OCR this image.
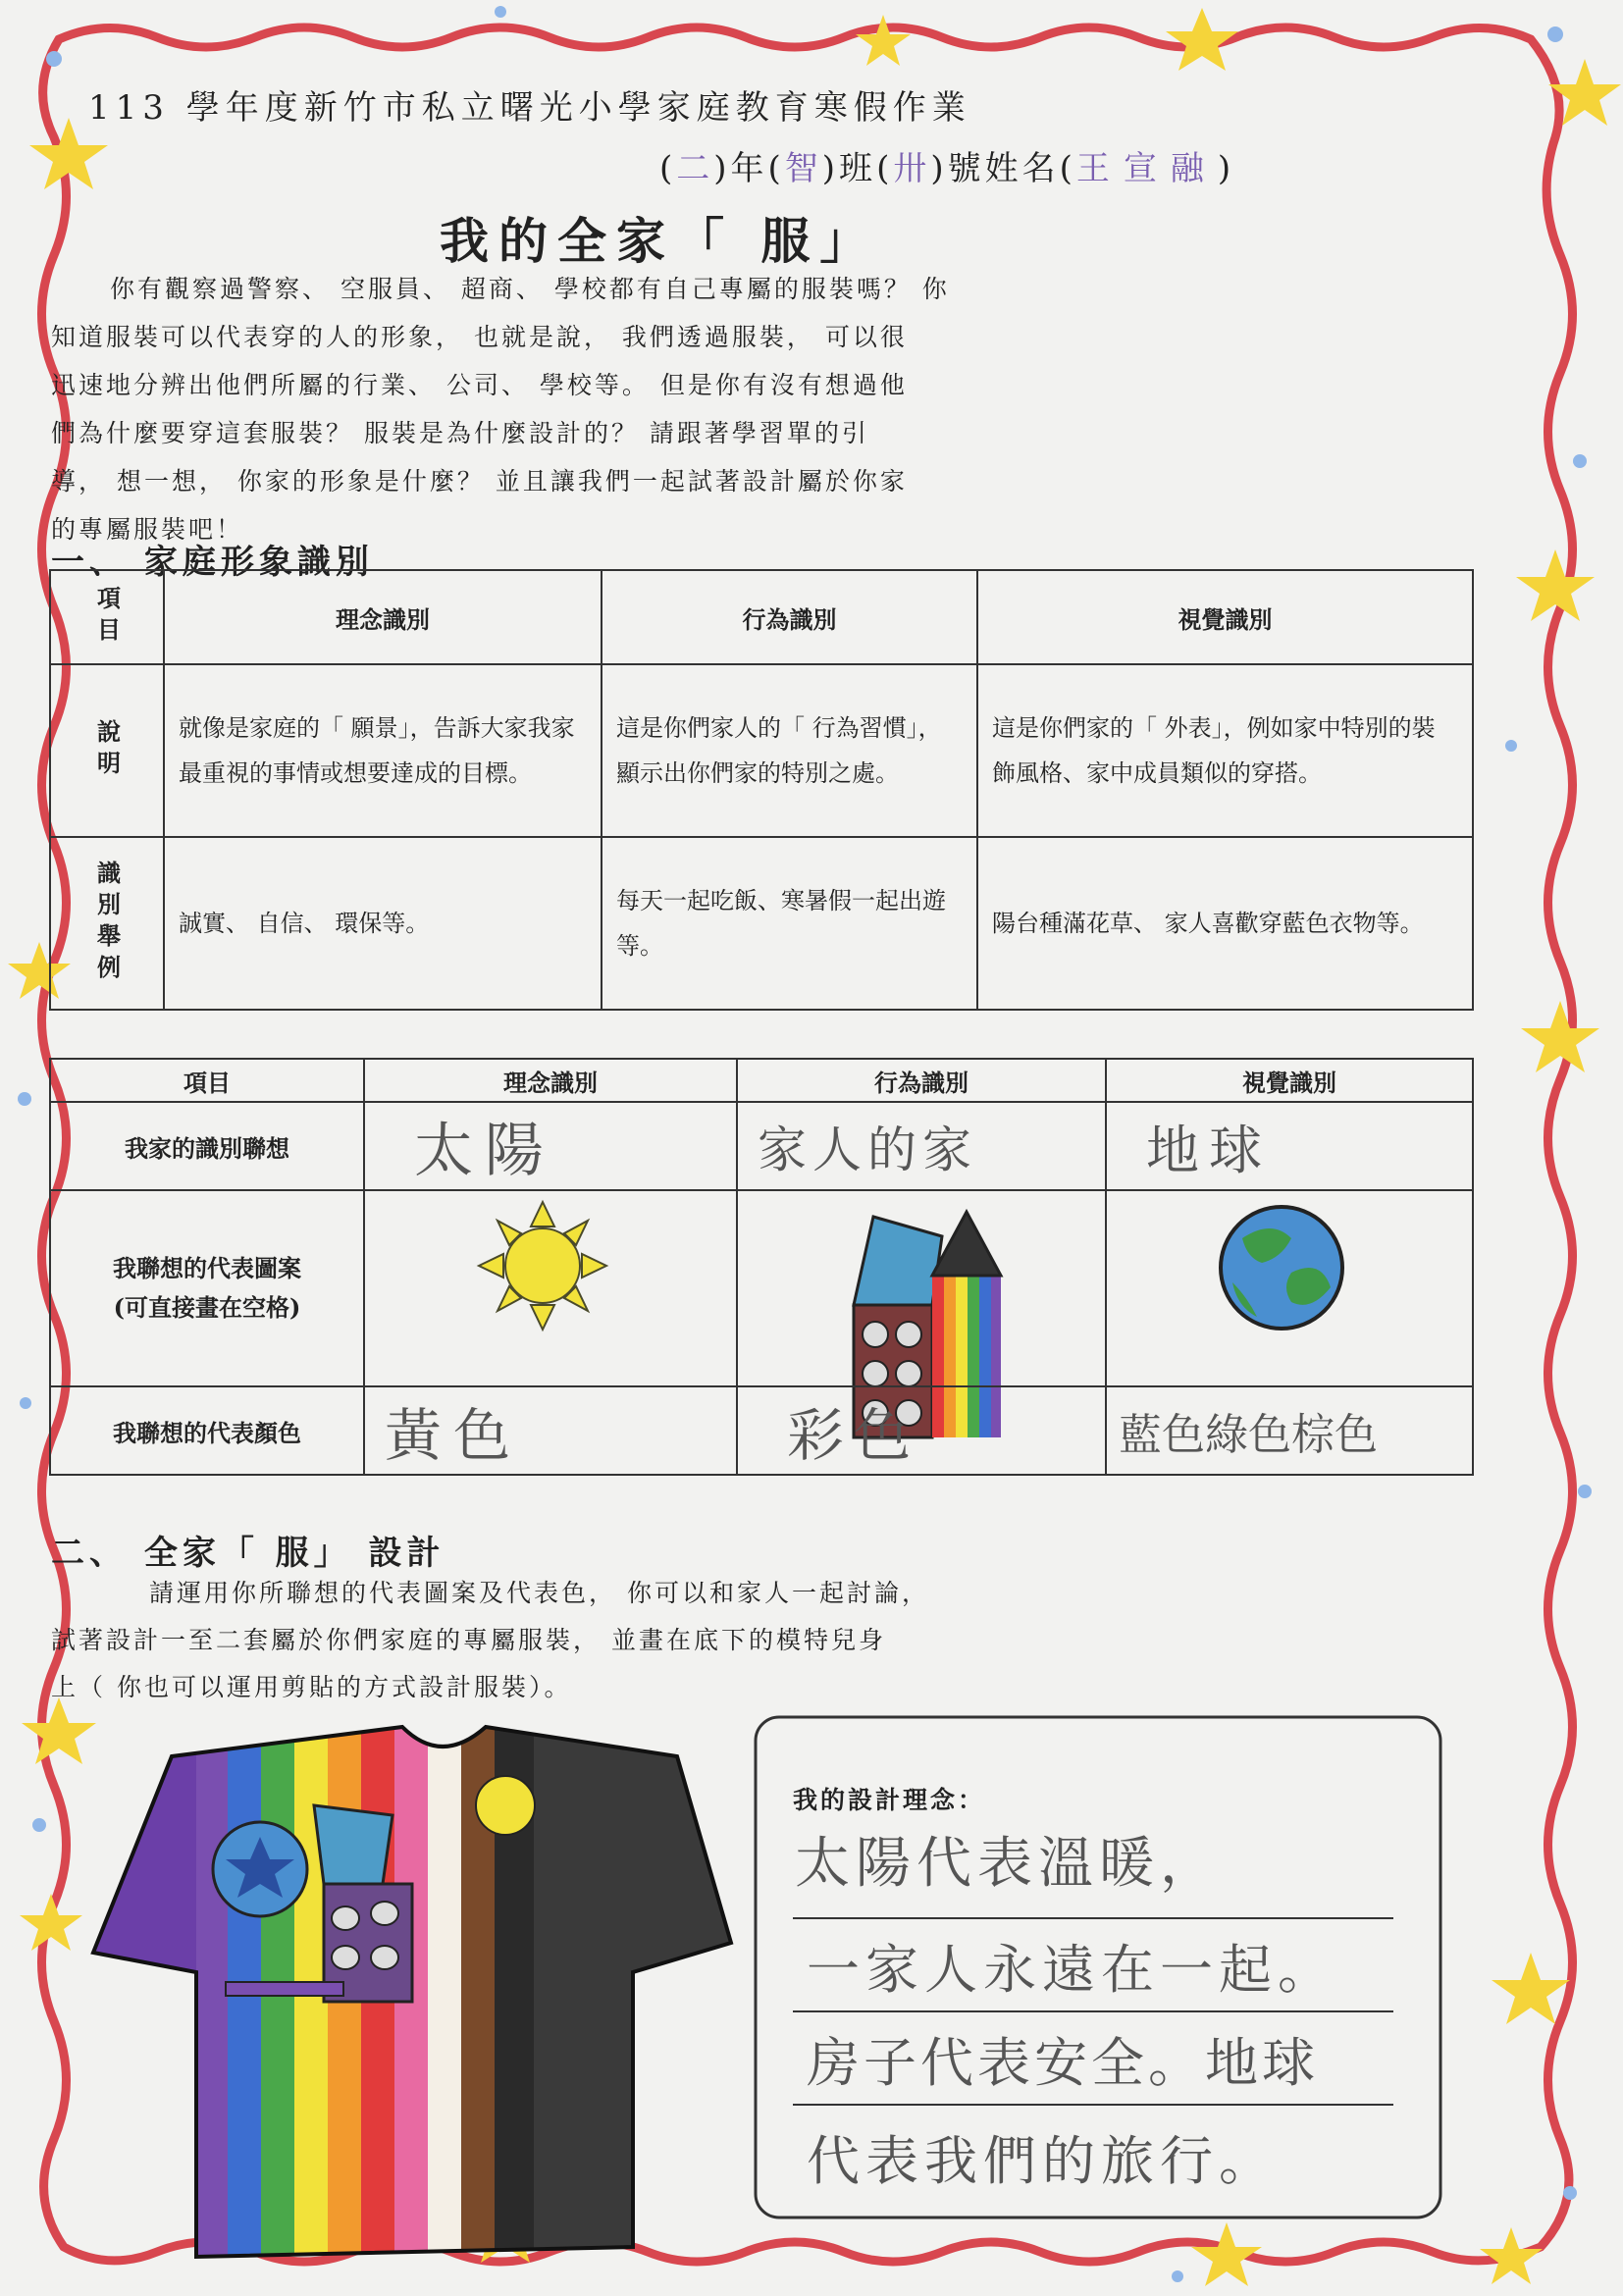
113 學年度新竹市私立曙光小學家庭教育寒假作業
(二)年(智)班(卅)號姓名(王宣融)
我的全家「 服」
你有觀察過警察、 空服員、 超商、 學校都有自己專屬的服裝嗎？ 你
知道服裝可以代表穿的人的形象， 也就是說， 我們透過服裝， 可以很
迅速地分辨出他們所屬的行業、 公司、 學校等。 但是你有沒有想過他
們為什麼要穿這套服裝？ 服裝是為什麼設計的？ 請跟著學習單的引
導， 想一想， 你家的形象是什麼？ 並且讓我們一起試著設計屬於你家
的專屬服裝吧！
一、 家庭形象識別
項目	理念識別	行為識別	視覺識別

說明	就像是家庭的「 願景」，告訴大家我家最重視的事情或想要達成的目標。	這是你們家人的「 行為習慣」，顯示出你們家的特別之處。	這是你們家的「 外表」，例如家中特別的裝飾風格、家中成員類似的穿搭。

識別舉例	誠實、 自信、 環保等。	每天一起吃飯、寒暑假一起出遊等。	陽台種滿花草、 家人喜歡穿藍色衣物等。
項目	理念識別	行為識別	視覺識別
我家的識別聯想	太陽	家人的家	地球
我聯想的代表圖案
(可直接畫在空格)			
我聯想的代表顏色	黃色	彩色	藍色綠色棕色
二、 全家「 服」 設計
請運用你所聯想的代表圖案及代表色， 你可以和家人一起討論，
試著設計一至二套屬於你們家庭的專屬服裝， 並畫在底下的模特兒身
上（ 你也可以運用剪貼的方式設計服裝）。
我的設計理念：
太陽代表溫暖，
一家人永遠在一起。
房子代表安全。地球
代表我們的旅行。
